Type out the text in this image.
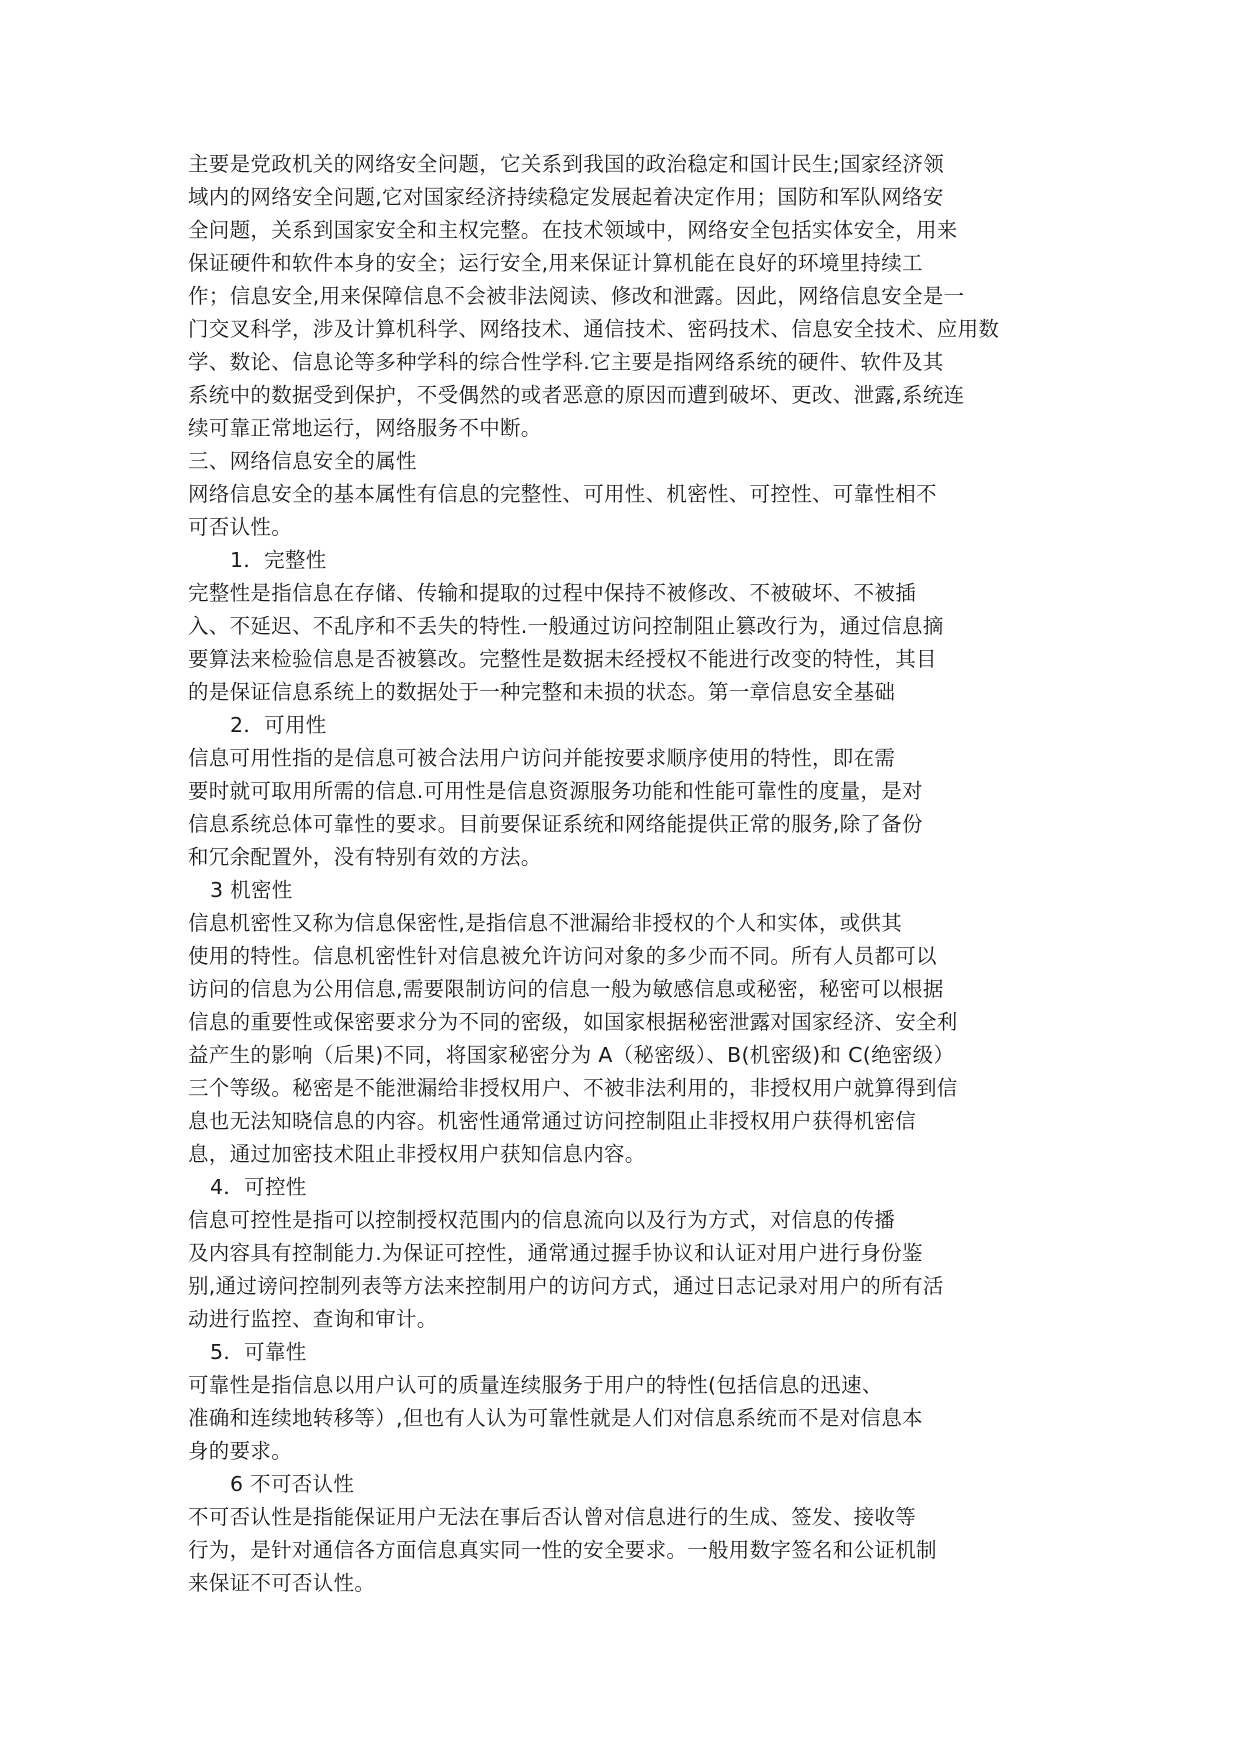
主要是党政机关的网络安全问题，它关系到我国的政治稳定和国计民生;国家经济领
域内的网络安全问题,它对国家经济持续稳定发展起着决定作用；国防和军队网络安
全问题，关系到国家安全和主权完整。在技术领域中，网络安全包括实体安全，用来
保证硬件和软件本身的安全；运行安全,用来保证计算机能在良好的环境里持续工
作；信息安全,用来保障信息不会被非法阅读、修改和泄露。因此，网络信息安全是一
门交叉科学，涉及计算机科学、网络技术、通信技术、密码技术、信息安全技术、应用数
学、数论、信息论等多种学科的综合性学科.它主要是指网络系统的硬件、软件及其
系统中的数据受到保护，不受偶然的或者恶意的原因而遭到破坏、更改、泄露,系统连
续可靠正常地运行，网络服务不中断。
三、网络信息安全的属性
网络信息安全的基本属性有信息的完整性、可用性、机密性、可控性、可靠性相不
可否认性。
1．完整性
完整性是指信息在存储、传输和提取的过程中保持不被修改、不被破坏、不被插
入、不延迟、不乱序和不丢失的特性.一般通过访问控制阻止篡改行为，通过信息摘
要算法来检验信息是否被篡改。完整性是数据未经授权不能进行改变的特性，其目
的是保证信息系统上的数据处于一种完整和未损的状态。第一章信息安全基础
2．可用性
信息可用性指的是信息可被合法用户访问并能按要求顺序使用的特性，即在需
要时就可取用所需的信息.可用性是信息资源服务功能和性能可靠性的度量，是对
信息系统总体可靠性的要求。目前要保证系统和网络能提供正常的服务,除了备份
和冗余配置外，没有特别有效的方法。
3 机密性
信息机密性又称为信息保密性,是指信息不泄漏给非授权的个人和实体，或供其
使用的特性。信息机密性针对信息被允许访问对象的多少而不同。所有人员都可以
访问的信息为公用信息,需要限制访问的信息一般为敏感信息或秘密，秘密可以根据
信息的重要性或保密要求分为不同的密级，如国家根据秘密泄露对国家经济、安全利
益产生的影响（后果)不同，将国家秘密分为 A（秘密级）、B(机密级)和 C(绝密级）
三个等级。秘密是不能泄漏给非授权用户、不被非法利用的，非授权用户就算得到信
息也无法知晓信息的内容。机密性通常通过访问控制阻止非授权用户获得机密信
息，通过加密技术阻止非授权用户获知信息内容。
4．可控性
信息可控性是指可以控制授权范围内的信息流向以及行为方式，对信息的传播
及内容具有控制能力.为保证可控性，通常通过握手协议和认证对用户进行身份鉴
别,通过谤问控制列表等方法来控制用户的访问方式，通过日志记录对用户的所有活
动进行监控、查询和审计。
5．可靠性
可靠性是指信息以用户认可的质量连续服务于用户的特性(包括信息的迅速、
准确和连续地转移等）,但也有人认为可靠性就是人们对信息系统而不是对信息本
身的要求。
6 不可否认性
不可否认性是指能保证用户无法在事后否认曾对信息进行的生成、签发、接收等
行为，是针对通信各方面信息真实同一性的安全要求。一般用数字签名和公证机制
来保证不可否认性。
